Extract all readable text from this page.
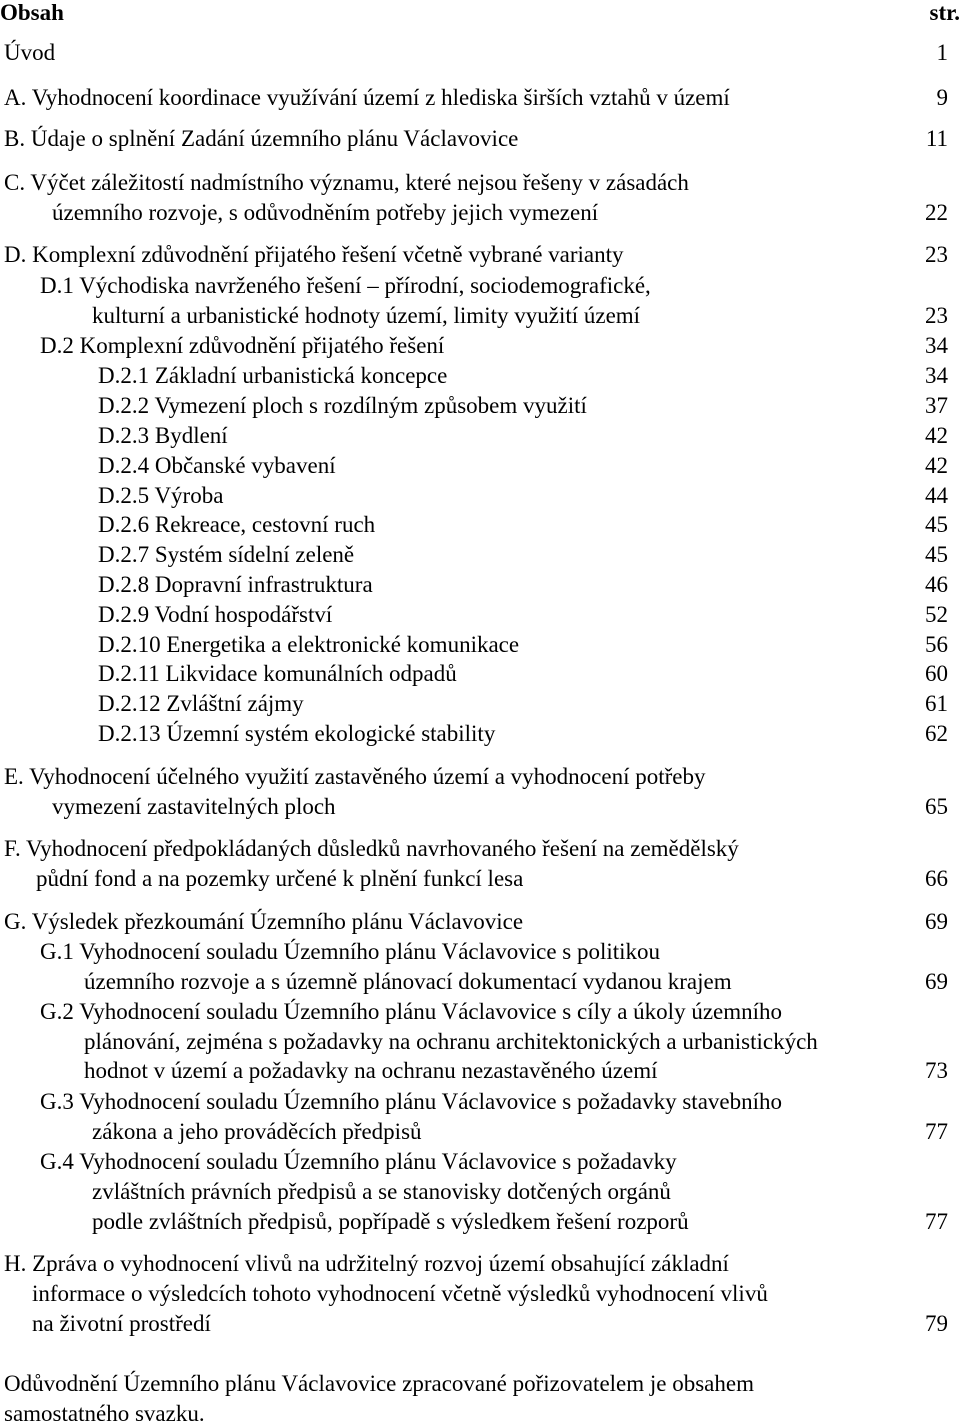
Obsah	str.
Úvod	1
A. Vyhodnocení koordinace využívání území z hlediska širších vztahů v území	9
B. Údaje o splnění Zadání územního plánu Václavovice	11
C. Výčet záležitostí nadmístního významu, které nejsou řešeny v zásadách
územního rozvoje, s odůvodněním potřeby jejich vymezení	22
D. Komplexní zdůvodnění přijatého řešení včetně vybrané varianty	23
D.1 Východiska navrženého řešení – přírodní, sociodemografické,
kulturní a urbanistické hodnoty území, limity využití území	23
D.2 Komplexní zdůvodnění přijatého řešení	34
D.2.1 Základní urbanistická koncepce	34
D.2.2 Vymezení ploch s rozdílným způsobem využití	37
D.2.3 Bydlení	42
D.2.4 Občanské vybavení	42
D.2.5 Výroba	44
D.2.6 Rekreace, cestovní ruch	45
D.2.7 Systém sídelní zeleně	45
D.2.8 Dopravní infrastruktura	46
D.2.9 Vodní hospodářství	52
D.2.10 Energetika a elektronické komunikace	56
D.2.11 Likvidace komunálních odpadů	60
D.2.12 Zvláštní zájmy	61
D.2.13 Územní systém ekologické stability	62
E. Vyhodnocení účelného využití zastavěného území a vyhodnocení potřeby
vymezení zastavitelných ploch	65
F. Vyhodnocení předpokládaných důsledků navrhovaného řešení na zemědělský
půdní fond a na pozemky určené k plnění funkcí lesa	66
G. Výsledek přezkoumání Územního plánu Václavovice	69
G.1 Vyhodnocení souladu Územního plánu Václavovice s politikou
územního rozvoje a s územně plánovací dokumentací vydanou krajem	69
G.2 Vyhodnocení souladu Územního plánu Václavovice s cíly a úkoly územního
plánování, zejména s požadavky na ochranu architektonických a urbanistických
hodnot v území a požadavky na ochranu nezastavěného území	73
G.3 Vyhodnocení souladu Územního plánu Václavovice s požadavky stavebního
zákona a jeho prováděcích předpisů	77
G.4 Vyhodnocení souladu Územního plánu Václavovice s požadavky
zvláštních právních předpisů a se stanovisky dotčených orgánů
podle zvláštních předpisů, popřípadě s výsledkem řešení rozporů	77
H. Zpráva o vyhodnocení vlivů na udržitelný rozvoj území obsahující základní
informace o výsledcích tohoto vyhodnocení včetně výsledků vyhodnocení vlivů
na životní prostředí	79
Odůvodnění Územního plánu Václavovice zpracované pořizovatelem je obsahem
samostatného svazku.
